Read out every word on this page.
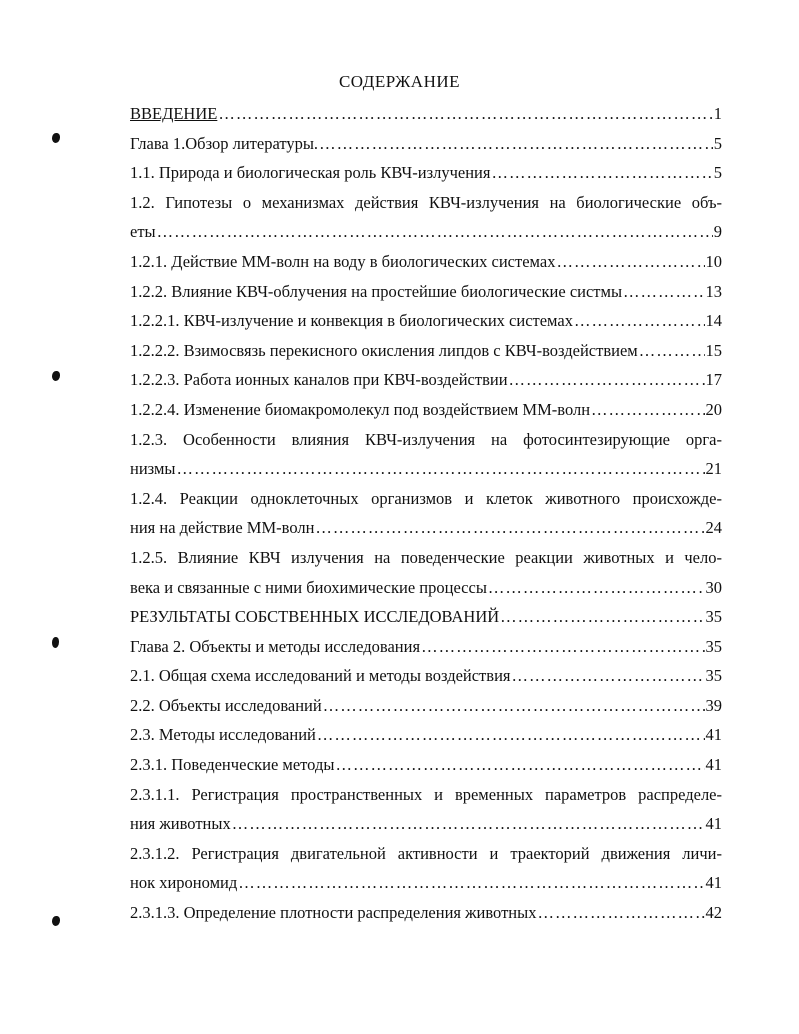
СОДЕРЖАНИЕ
ВВЕДЕНИЕ ……………………………………………………………………………………………………………………………………	1
Глава 1.Обзор литературы. ……………………………………………………………………………………………………………………………………	5
1.1. Природа и биологическая роль КВЧ-излучения ……………………………………………………………………………………………………………………………………	5
1.2. Гипотезы о механизмах действия КВЧ-излучения на биологические объ-
еты ……………………………………………………………………………………………………………………………………	9
1.2.1. Действие ММ-волн на воду в биологических системах ……………………………………………………………………………………………………………………………………	10
1.2.2. Влияние КВЧ-облучения на простейшие биологические систмы ……………………………………………………………………………………………………………………………………	13
1.2.2.1. КВЧ-излучение и конвекция в биологических системах ……………………………………………………………………………………………………………………………………	14
1.2.2.2. Взимосвязь перекисного окисления липдов с КВЧ-воздействием ……………………………………………………………………………………………………………………………………	15
1.2.2.3. Работа ионных каналов при КВЧ-воздействии ……………………………………………………………………………………………………………………………………	17
1.2.2.4. Изменение биомакромолекул под воздействием ММ-волн ……………………………………………………………………………………………………………………………………	20
1.2.3. Особенности влияния КВЧ-излучения на фотосинтезирующие орга-
низмы ……………………………………………………………………………………………………………………………………	21
1.2.4. Реакции одноклеточных организмов и клеток животного происхожде-
ния на действие ММ-волн ……………………………………………………………………………………………………………………………………	24
1.2.5. Влияние КВЧ излучения на поведенческие реакции животных и чело-
века и связанные с ними биохимические процессы ……………………………………………………………………………………………………………………………………	30
РЕЗУЛЬТАТЫ СОБСТВЕННЫХ ИССЛЕДОВАНИЙ ……………………………………………………………………………………………………………………………………	35
Глава 2. Объекты и методы исследования ……………………………………………………………………………………………………………………………………	35
2.1. Общая схема исследований и методы воздействия ……………………………………………………………………………………………………………………………………	35
2.2. Объекты исследований ……………………………………………………………………………………………………………………………………	39
2.3. Методы исследований ……………………………………………………………………………………………………………………………………	41
2.3.1. Поведенческие методы ……………………………………………………………………………………………………………………………………	41
2.3.1.1. Регистрация пространственных и временных параметров распределе-
ния животных ……………………………………………………………………………………………………………………………………	41
2.3.1.2. Регистрация двигательной активности и траекторий движения личи-
нок хирономид ……………………………………………………………………………………………………………………………………	41
2.3.1.3. Определение плотности распределения животных ……………………………………………………………………………………………………………………………………	42
